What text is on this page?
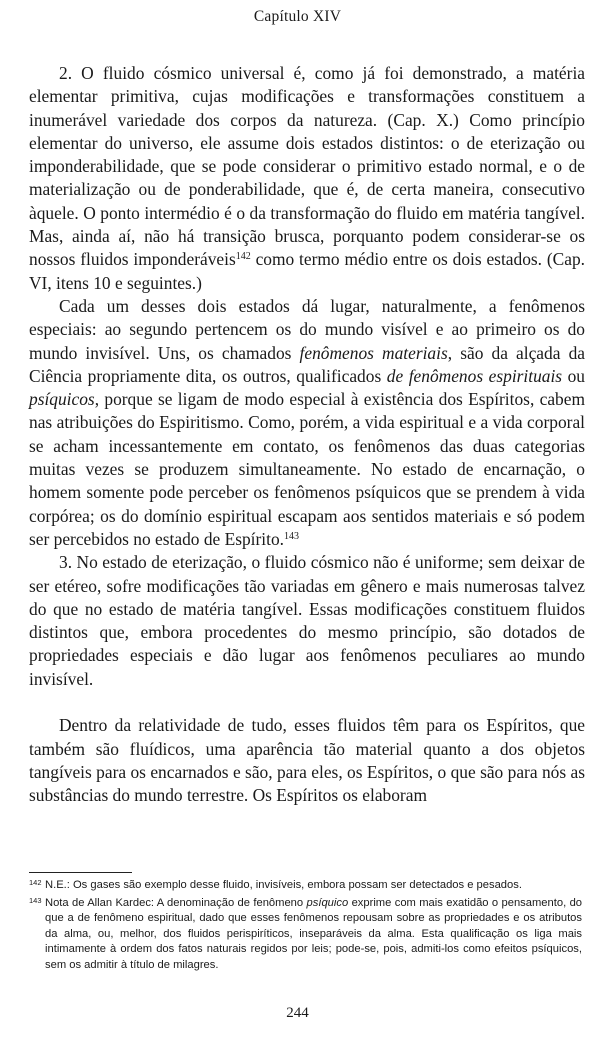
Capítulo XIV

2. O fluido cósmico universal é, como já foi demonstrado, a matéria elementar primitiva, cujas modificações e transformações constituem a inumerável variedade dos corpos da natureza. (Cap. X.) Como princípio elementar do universo, ele assume dois estados distintos: o de eterização ou imponderabilidade, que se pode considerar o primitivo estado normal, e o de materialização ou de ponderabilidade, que é, de certa maneira, consecutivo àquele. O ponto intermédio é o da transformação do fluido em matéria tangível. Mas, ainda aí, não há transição brusca, porquanto podem considerar-se os nossos fluidos imponderáveis$^{142}$ como termo médio entre os dois estados. (Cap. VI, itens 10 e seguintes.)

Cada um desses dois estados dá lugar, naturalmente, a fenômenos especiais: ao segundo pertencem os do mundo visível e ao primeiro os do mundo invisível. Uns, os chamados fenômenos materiais, são da alçada da Ciência propriamente dita, os outros, qualificados de fenômenos espirituais ou psíquicos, porque se ligam de modo especial à existência dos Espíritos, cabem nas atribuições do Espiritismo. Como, porém, a vida espiritual e a vida corporal se acham incessantemente em contato, os fenômenos das duas categorias muitas vezes se produzem simultaneamente. No estado de encarnação, o homem somente pode perceber os fenômenos psíquicos que se prendem à vida corpórea; os do domínio espiritual escapam aos sentidos materiais e só podem ser percebidos no estado de Espírito.$^{143}$

3. No estado de eterização, o fluido cósmico não é uniforme; sem deixar de ser etéreo, sofre modificações tão variadas em gênero e mais numerosas talvez do que no estado de matéria tangível. Essas modificações constituem fluidos distintos que, embora procedentes do mesmo princípio, são dotados de propriedades especiais e dão lugar aos fenômenos peculiares ao mundo invisível.

Dentro da relatividade de tudo, esses fluidos têm para os Espíritos, que também são fluídicos, uma aparência tão material quanto a dos objetos tangíveis para os encarnados e são, para eles, os Espíritos, o que são para nós as substâncias do mundo terrestre. Os Espíritos os elaboram

142 N.E.: Os gases são exemplo desse fluido, invisíveis, embora possam ser detectados e pesados.

143 Nota de Allan Kardec: A denominação de fenômeno psíquico exprime com mais exatidão o pensamento, do que a de fenômeno espiritual, dado que esses fenômenos repousam sobre as propriedades e os atributos da alma, ou, melhor, dos fluidos perispiríticos, inseparáveis da alma. Esta qualificação os liga mais intimamente à ordem dos fatos naturais regidos por leis; pode-se, pois, admiti-los como efeitos psíquicos, sem os admitir à título de milagres.

244
